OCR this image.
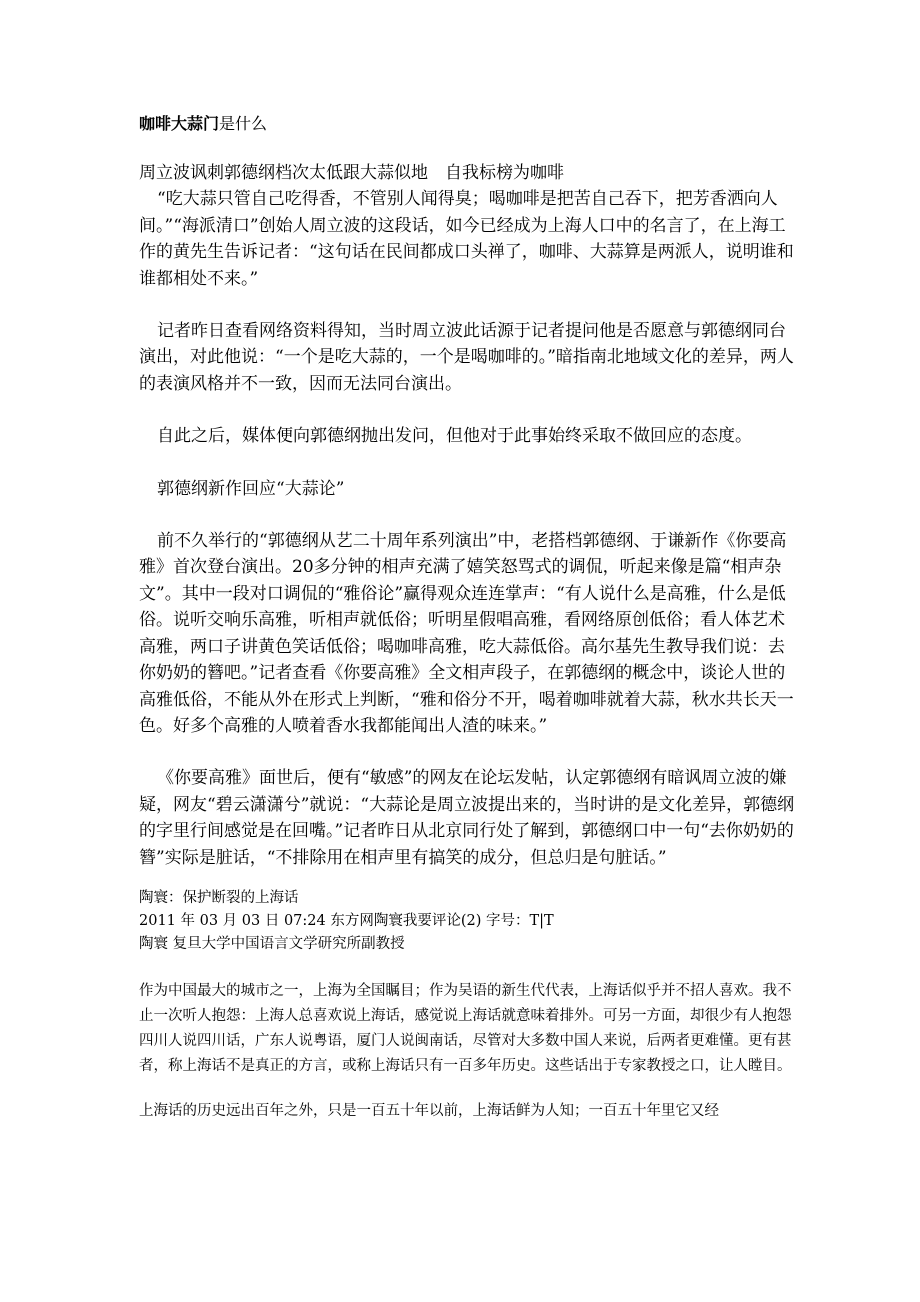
咖啡大蒜门是什么

周立波讽刺郭德纲档次太低跟大蒜似地　自我标榜为咖啡

“吃大蒜只管自己吃得香，不管别人闻得臭；喝咖啡是把苦自己吞下，把芳香洒向人间。”“海派清口”创始人周立波的这段话，如今已经成为上海人口中的名言了，在上海工作的黄先生告诉记者：“这句话在民间都成口头禅了，咖啡、大蒜算是两派人，说明谁和谁都相处不来。”

记者昨日查看网络资料得知，当时周立波此话源于记者提问他是否愿意与郭德纲同台演出，对此他说：“一个是吃大蒜的，一个是喝咖啡的。”暗指南北地域文化的差异，两人的表演风格并不一致，因而无法同台演出。

自此之后，媒体便向郭德纲抛出发问，但他对于此事始终采取不做回应的态度。

郭德纲新作回应“大蒜论”

前不久举行的“郭德纲从艺二十周年系列演出”中，老搭档郭德纲、于谦新作《你要高雅》首次登台演出。20多分钟的相声充满了嬉笑怒骂式的调侃，听起来像是篇“相声杂文”。其中一段对口调侃的“雅俗论”赢得观众连连掌声：“有人说什么是高雅，什么是低俗。说听交响乐高雅，听相声就低俗；听明星假唱高雅，看网络原创低俗；看人体艺术高雅，两口子讲黄色笑话低俗；喝咖啡高雅，吃大蒜低俗。高尔基先生教导我们说：去你奶奶的簪吧。”记者查看《你要高雅》全文相声段子，在郭德纲的概念中，谈论人世的高雅低俗，不能从外在形式上判断，“雅和俗分不开，喝着咖啡就着大蒜，秋水共长天一色。好多个高雅的人喷着香水我都能闻出人渣的味来。”

《你要高雅》面世后，便有“敏感”的网友在论坛发帖，认定郭德纲有暗讽周立波的嫌疑，网友“碧云潇潇兮”就说：“大蒜论是周立波提出来的，当时讲的是文化差异，郭德纲的字里行间感觉是在回嘴。”记者昨日从北京同行处了解到，郭德纲口中一句“去你奶奶的簪”实际是脏话，“不排除用在相声里有搞笑的成分，但总归是句脏话。”

陶寰：保护断裂的上海话

2011 年 03 月 03 日 07:24 东方网陶寰我要评论(2) 字号：T|T

陶寰 复旦大学中国语言文学研究所副教授

作为中国最大的城市之一，上海为全国瞩目；作为吴语的新生代代表，上海话似乎并不招人喜欢。我不止一次听人抱怨：上海人总喜欢说上海话，感觉说上海话就意味着排外。可另一方面，却很少有人抱怨四川人说四川话，广东人说粤语，厦门人说闽南话，尽管对大多数中国人来说，后两者更难懂。更有甚者，称上海话不是真正的方言，或称上海话只有一百多年历史。这些话出于专家教授之口，让人瞠目。

上海话的历史远出百年之外，只是一百五十年以前，上海话鲜为人知；一百五十年里它又经
